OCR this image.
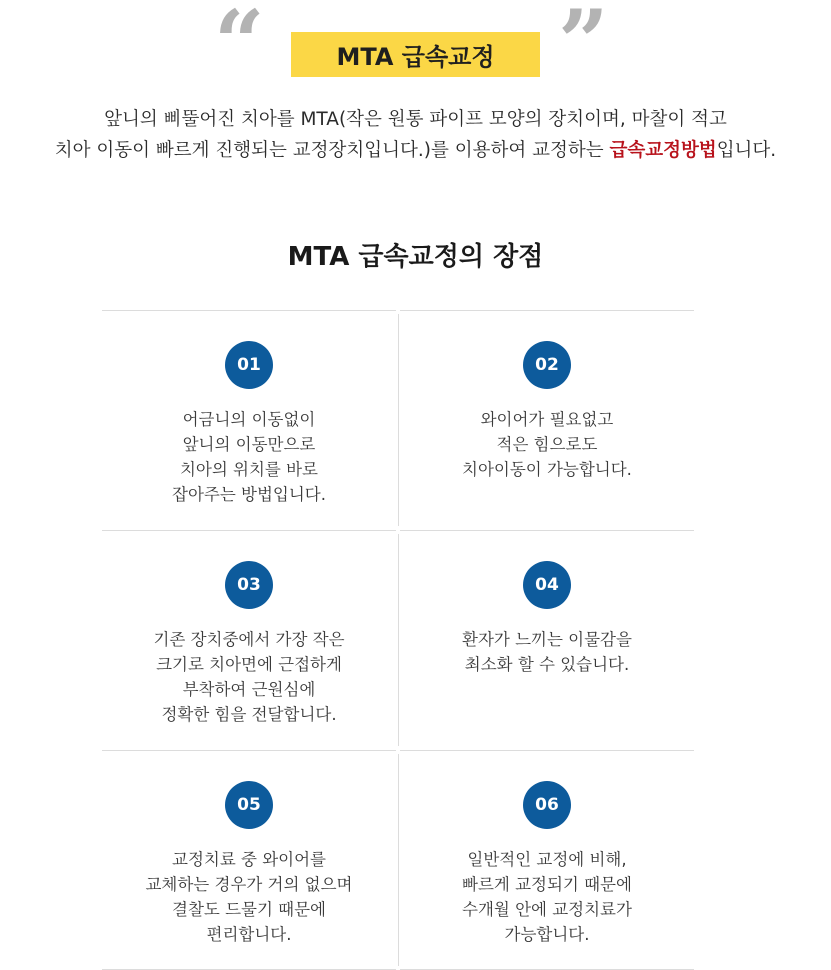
“	”
MTA 급속교정
앞니의 삐뚤어진 치아를 MTA(작은 원통 파이프 모양의 장치이며, 마찰이 적고
치아 이동이 빠르게 진행되는 교정장치입니다.)를 이용하여 교정하는 급속교정방법입니다.
MTA 급속교정의 장점
01
어금니의 이동없이
앞니의 이동만으로
치아의 위치를 바로
잡아주는 방법입니다.
02
와이어가 필요없고
적은 힘으로도
치아이동이 가능합니다.
03
기존 장치중에서 가장 작은
크기로 치아면에 근접하게
부착하여 근원심에
정확한 힘을 전달합니다.
04
환자가 느끼는 이물감을
최소화 할 수 있습니다.
05
교정치료 중 와이어를
교체하는 경우가 거의 없으며
결찰도 드물기 때문에
편리합니다.
06
일반적인 교정에 비해,
빠르게 교정되기 때문에
수개월 안에 교정치료가
가능합니다.
